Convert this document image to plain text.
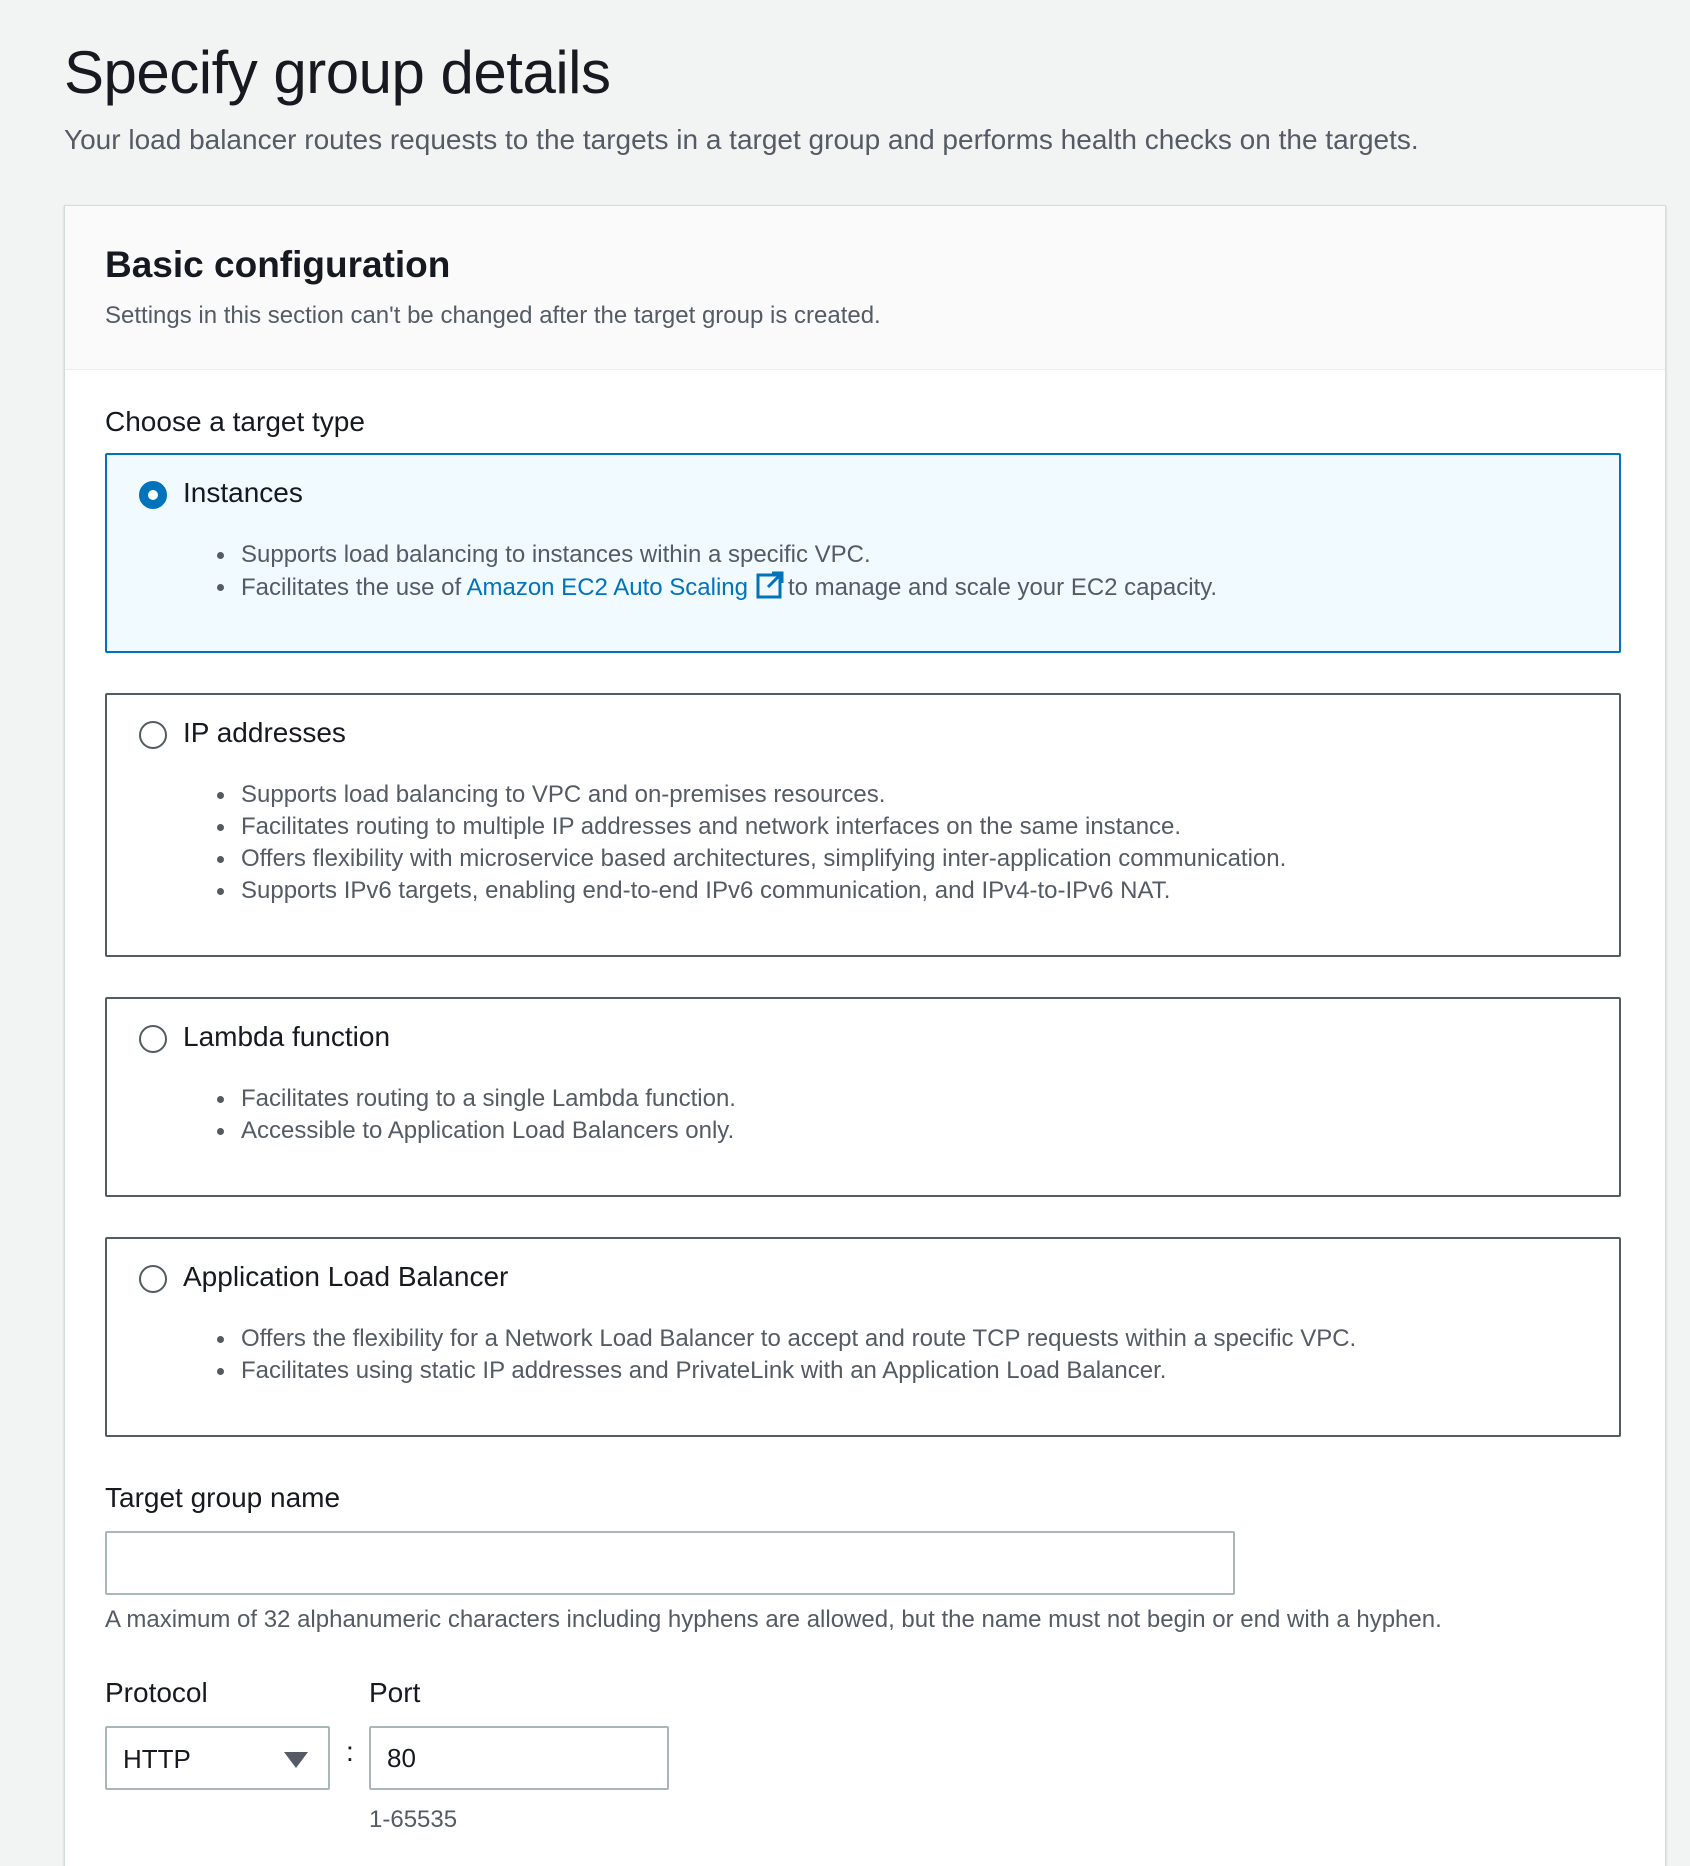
Specify group details

Your load balancer routes requests to the targets in a target group and performs health checks on the targets.

Basic configuration

Settings in this section can't be changed after the target group is created.

Choose a target type
Instances
Supports load balancing to instances within a specific VPC.
Facilitates the use of Amazon EC2 Auto Scaling to manage and scale your EC2 capacity.
IP addresses
Supports load balancing to VPC and on-premises resources.
Facilitates routing to multiple IP addresses and network interfaces on the same instance.
Offers flexibility with microservice based architectures, simplifying inter-application communication.
Supports IPv6 targets, enabling end-to-end IPv6 communication, and IPv4-to-IPv6 NAT.
Lambda function
Facilitates routing to a single Lambda function.
Accessible to Application Load Balancers only.
Application Load Balancer
Offers the flexibility for a Network Load Balancer to accept and route TCP requests within a specific VPC.
Facilitates using static IP addresses and PrivateLink with an Application Load Balancer.
Target group name
A maximum of 32 alphanumeric characters including hyphens are allowed, but the name must not begin or end with a hyphen.
Protocol	Port
HTTP	:
80
1-65535
